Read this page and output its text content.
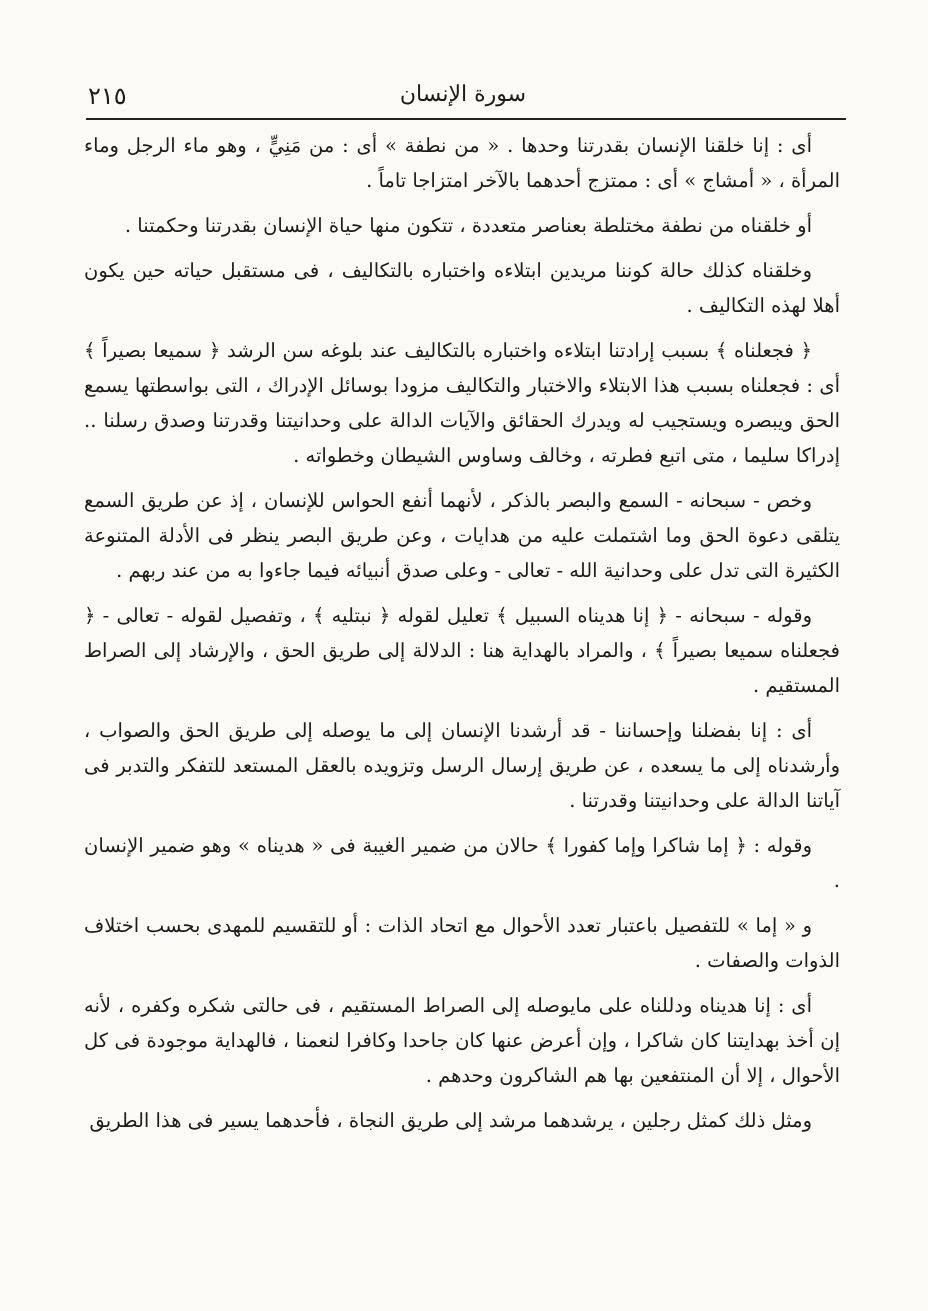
سورة الإنسان
٢١٥

أى : إنا خلقنا الإنسان بقدرتنا وحدها . « من نطفة » أى : من مَنِيٍّ ، وهو ماء الرجل وماء المرأة ، « أمشاج » أى : ممتزج أحدهما بالآخر امتزاجا تاماً .

أو خلقناه من نطفة مختلطة بعناصر متعددة ، تتكون منها حياة الإنسان بقدرتنا وحكمتنا .

وخلقناه كذلك حالة كوننا مريدين ابتلاءه واختباره بالتكاليف ، فى مستقبل حياته حين يكون أهلا لهذه التكاليف .

﴿ فجعلناه ﴾ بسبب إرادتنا ابتلاءه واختباره بالتكاليف عند بلوغه سن الرشد ﴿ سميعا بصيراً ﴾ أى : فجعلناه بسبب هذا الابتلاء والاختبار والتكاليف مزودا بوسائل الإدراك ، التى بواسطتها يسمع الحق ويبصره ويستجيب له ويدرك الحقائق والآيات الدالة على وحدانيتنا وقدرتنا وصدق رسلنا .. إدراكا سليما ، متى اتبع فطرته ، وخالف وساوس الشيطان وخطواته .

وخص - سبحانه - السمع والبصر بالذكر ، لأنهما أنفع الحواس للإنسان ، إذ عن طريق السمع يتلقى دعوة الحق وما اشتملت عليه من هدايات ، وعن طريق البصر ينظر فى الأدلة المتنوعة الكثيرة التى تدل على وحدانية الله - تعالى - وعلى صدق أنبيائه فيما جاءوا به من عند ربهم .

وقوله - سبحانه - ﴿ إنا هديناه السبيل ﴾ تعليل لقوله ﴿ نبتليه ﴾ ، وتفصيل لقوله - تعالى - ﴿ فجعلناه سميعا بصيراً ﴾ ، والمراد بالهداية هنا : الدلالة إلى طريق الحق ، والإرشاد إلى الصراط المستقيم .

أى : إنا بفضلنا وإحساننا - قد أرشدنا الإنسان إلى ما يوصله إلى طريق الحق والصواب ، وأرشدناه إلى ما يسعده ، عن طريق إرسال الرسل وتزويده بالعقل المستعد للتفكر والتدبر فى آياتنا الدالة على وحدانيتنا وقدرتنا .

وقوله : ﴿ إما شاكرا وإما كفورا ﴾ حالان من ضمير الغيبة فى « هديناه » وهو ضمير الإنسان .

و « إما » للتفصيل باعتبار تعدد الأحوال مع اتحاد الذات : أو للتقسيم للمهدى بحسب اختلاف الذوات والصفات .

أى : إنا هديناه ودللناه على مايوصله إلى الصراط المستقيم ، فى حالتى شكره وكفره ، لأنه إن أخذ بهدايتنا كان شاكرا ، وإن أعرض عنها كان جاحدا وكافرا لنعمنا ، فالهداية موجودة فى كل الأحوال ، إلا أن المنتفعين بها هم الشاكرون وحدهم .

ومثل ذلك كمثل رجلين ، يرشدهما مرشد إلى طريق النجاة ، فأحدهما يسير فى هذا الطريق
